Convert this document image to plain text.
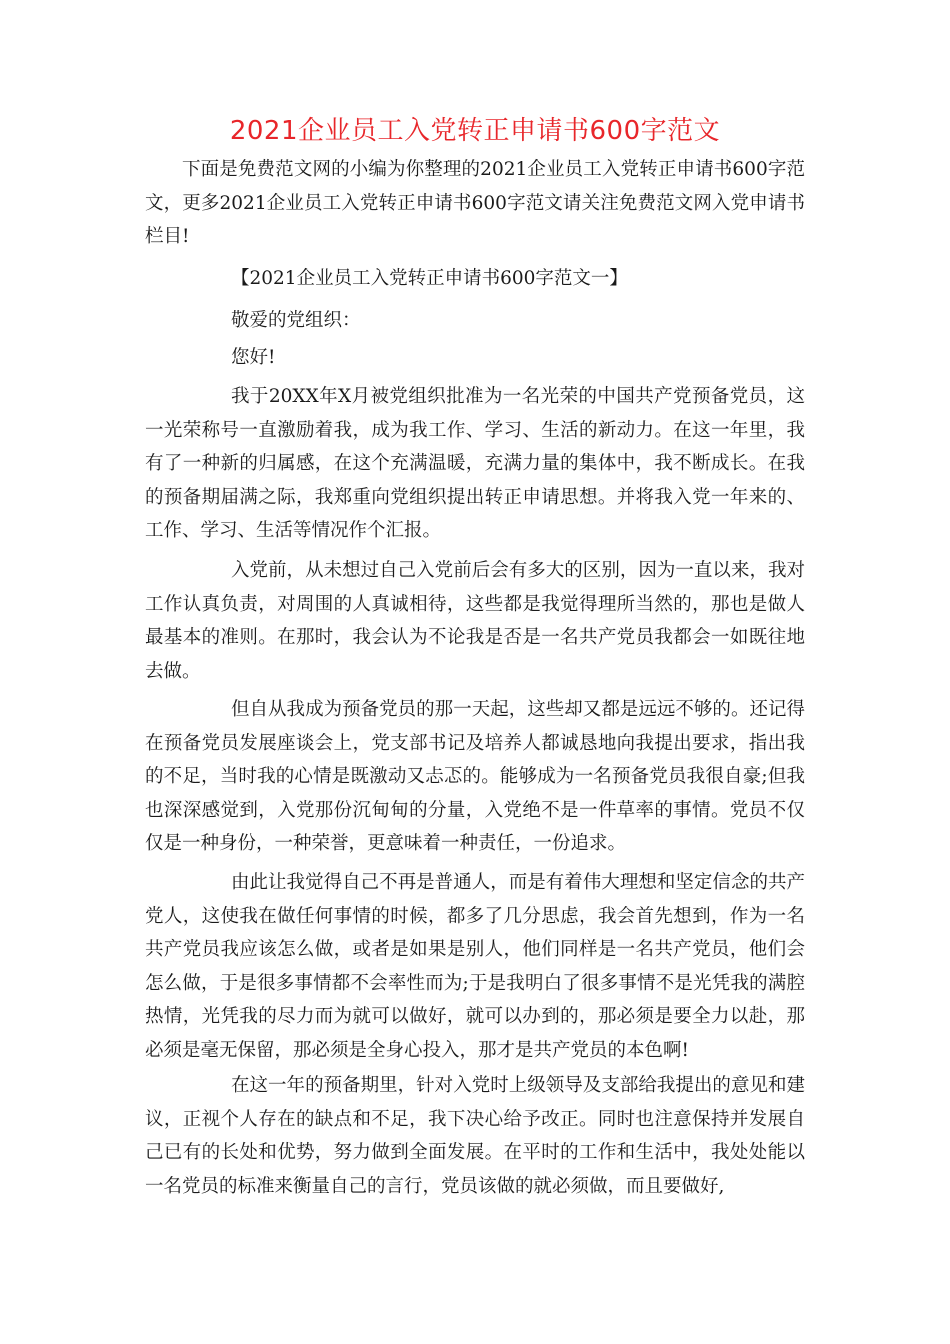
2021企业员工入党转正申请书600字范文

下面是免费范文网的小编为你整理的2021企业员工入党转正申请书600字范文，更多2021企业员工入党转正申请书600字范文请关注免费范文网入党申请书栏目!

【2021企业员工入党转正申请书600字范文一】

敬爱的党组织：

您好!

我于20XX年X月被党组织批准为一名光荣的中国共产党预备党员，这一光荣称号一直激励着我，成为我工作、学习、生活的新动力。在这一年里，我有了一种新的归属感，在这个充满温暖，充满力量的集体中，我不断成长。在我的预备期届满之际，我郑重向党组织提出转正申请思想。并将我入党一年来的、工作、学习、生活等情况作个汇报。

入党前，从未想过自己入党前后会有多大的区别，因为一直以来，我对工作认真负责，对周围的人真诚相待，这些都是我觉得理所当然的，那也是做人最基本的准则。在那时，我会认为不论我是否是一名共产党员我都会一如既往地去做。

但自从我成为预备党员的那一天起，这些却又都是远远不够的。还记得在预备党员发展座谈会上，党支部书记及培养人都诚恳地向我提出要求，指出我的不足，当时我的心情是既激动又忐忑的。能够成为一名预备党员我很自豪;但我也深深感觉到，入党那份沉甸甸的分量，入党绝不是一件草率的事情。党员不仅仅是一种身份，一种荣誉，更意味着一种责任，一份追求。

由此让我觉得自己不再是普通人，而是有着伟大理想和坚定信念的共产党人，这使我在做任何事情的时候，都多了几分思虑，我会首先想到，作为一名共产党员我应该怎么做，或者是如果是别人，他们同样是一名共产党员，他们会怎么做，于是很多事情都不会率性而为;于是我明白了很多事情不是光凭我的满腔热情，光凭我的尽力而为就可以做好，就可以办到的，那必须是要全力以赴，那必须是毫无保留，那必须是全身心投入，那才是共产党员的本色啊!

在这一年的预备期里，针对入党时上级领导及支部给我提出的意见和建议，正视个人存在的缺点和不足，我下决心给予改正。同时也注意保持并发展自己已有的长处和优势，努力做到全面发展。在平时的工作和生活中，我处处能以一名党员的标准来衡量自己的言行，党员该做的就必须做，而且要做好,
